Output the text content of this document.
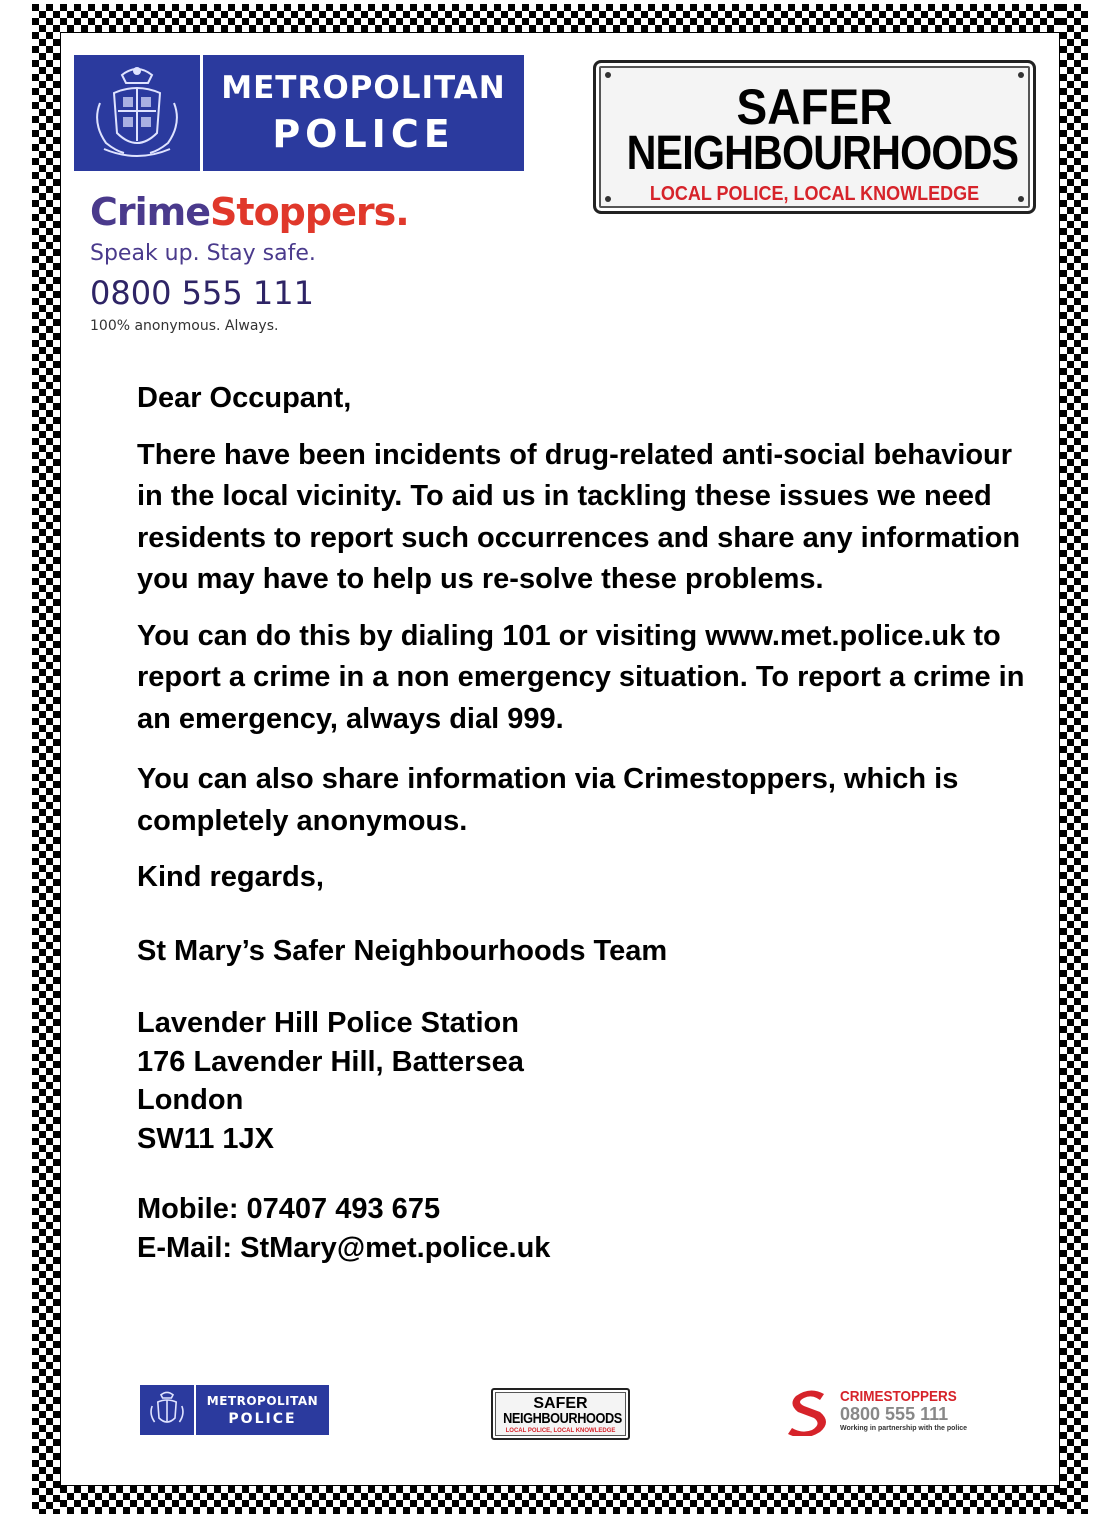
METROPOLITAN
POLICE	SAFER
NEIGHBOURHOODS
LOCAL POLICE, LOCAL KNOWLEDGE
CrimeStoppers.
Speak up. Stay safe.
0800 555 111
100% anonymous. Always.

Dear Occupant,

There have been incidents of drug-related anti-social behaviour in the local vicinity. To aid us in tackling these issues we need residents to report such occurrences and share any information you may have to help us re-solve these problems.

You can do this by dialing 101 or visiting www.met.police.uk to report a crime in a non emergency situation. To report a crime in an emergency, always dial 999.

You can also share information via Crimestoppers, which is completely anonymous.

Kind regards,

St Mary’s Safer Neighbourhoods Team

Lavender Hill Police Station

176 Lavender Hill, Battersea

London

SW11 1JX

Mobile: 07407 493 675

E-Mail: StMary@met.police.uk

METROPOLITAN
POLICE
SAFER
NEIGHBOURHOODS
LOCAL POLICE, LOCAL KNOWLEDGE
CRIMESTOPPERS
0800 555 111
Working in partnership with the police
